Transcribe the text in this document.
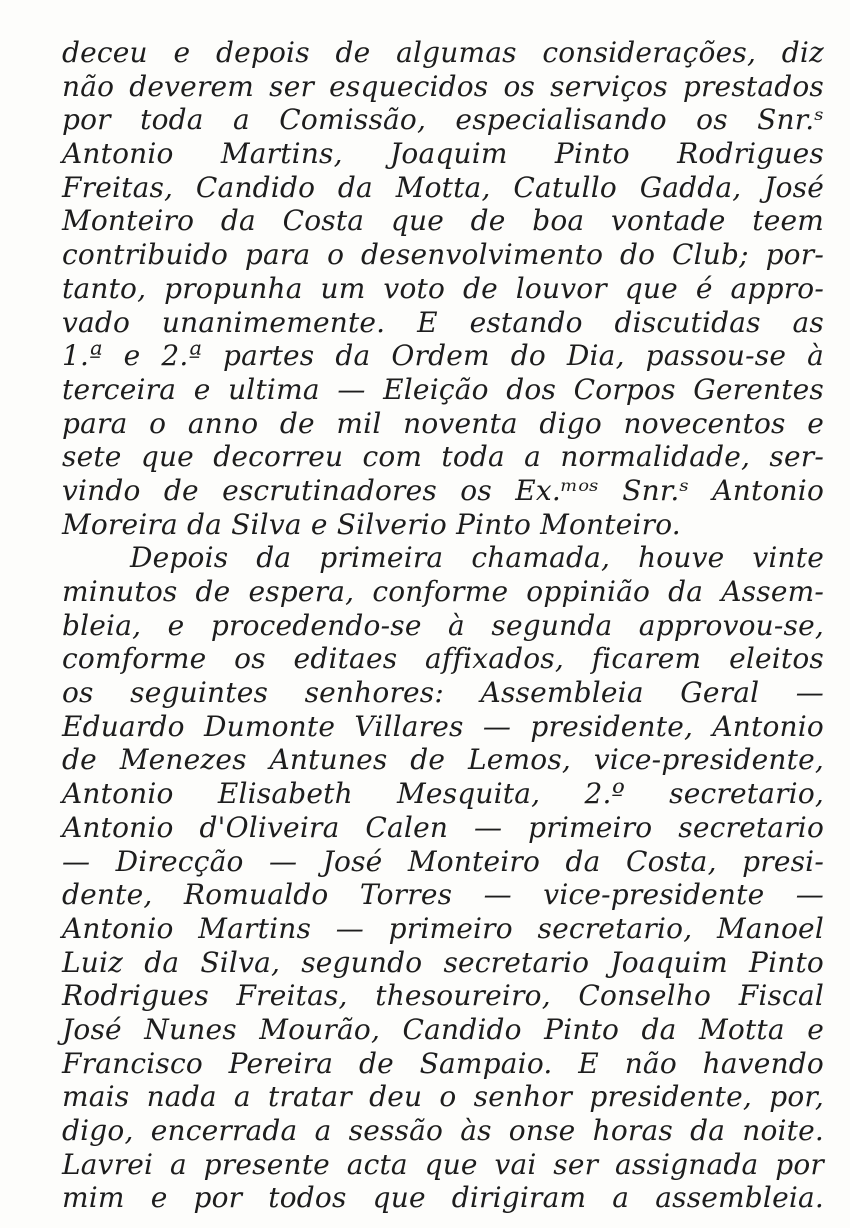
deceu e depois de algumas considerações, diz
não deverem ser esquecidos os serviços prestados
por toda a Comissão, especialisando os Snr.ˢ
Antonio Martins, Joaquim Pinto Rodrigues
Freitas, Candido da Motta, Catullo Gadda, José
Monteiro da Costa que de boa vontade teem
contribuido para o desenvolvimento do Club; por-
tanto, propunha um voto de louvor que é appro-
vado unanimemente. E estando discutidas as
1.ª e 2.ª partes da Ordem do Dia, passou-se à
terceira e ultima — Eleição dos Corpos Gerentes
para o anno de mil noventa digo novecentos e
sete que decorreu com toda a normalidade, ser-
vindo de escrutinadores os Ex.ᵐᵒˢ Snr.ˢ Antonio
Moreira da Silva e Silverio Pinto Monteiro.
Depois da primeira chamada, houve vinte
minutos de espera, conforme oppinião da Assem-
bleia, e procedendo-se à segunda approvou-se,
comforme os editaes affixados, ficarem eleitos
os seguintes senhores: Assembleia Geral —
Eduardo Dumonte Villares — presidente, Antonio
de Menezes Antunes de Lemos, vice-presidente,
Antonio Elisabeth Mesquita, 2.º secretario,
Antonio d'Oliveira Calen — primeiro secretario
— Direcção — José Monteiro da Costa, presi-
dente, Romualdo Torres — vice-presidente —
Antonio Martins — primeiro secretario, Manoel
Luiz da Silva, segundo secretario Joaquim Pinto
Rodrigues Freitas, thesoureiro, Conselho Fiscal
José Nunes Mourão, Candido Pinto da Motta e
Francisco Pereira de Sampaio. E não havendo
mais nada a tratar deu o senhor presidente, por,
digo, encerrada a sessão às onse horas da noite.
Lavrei a presente acta que vai ser assignada por
mim e por todos que dirigiram a assembleia.
